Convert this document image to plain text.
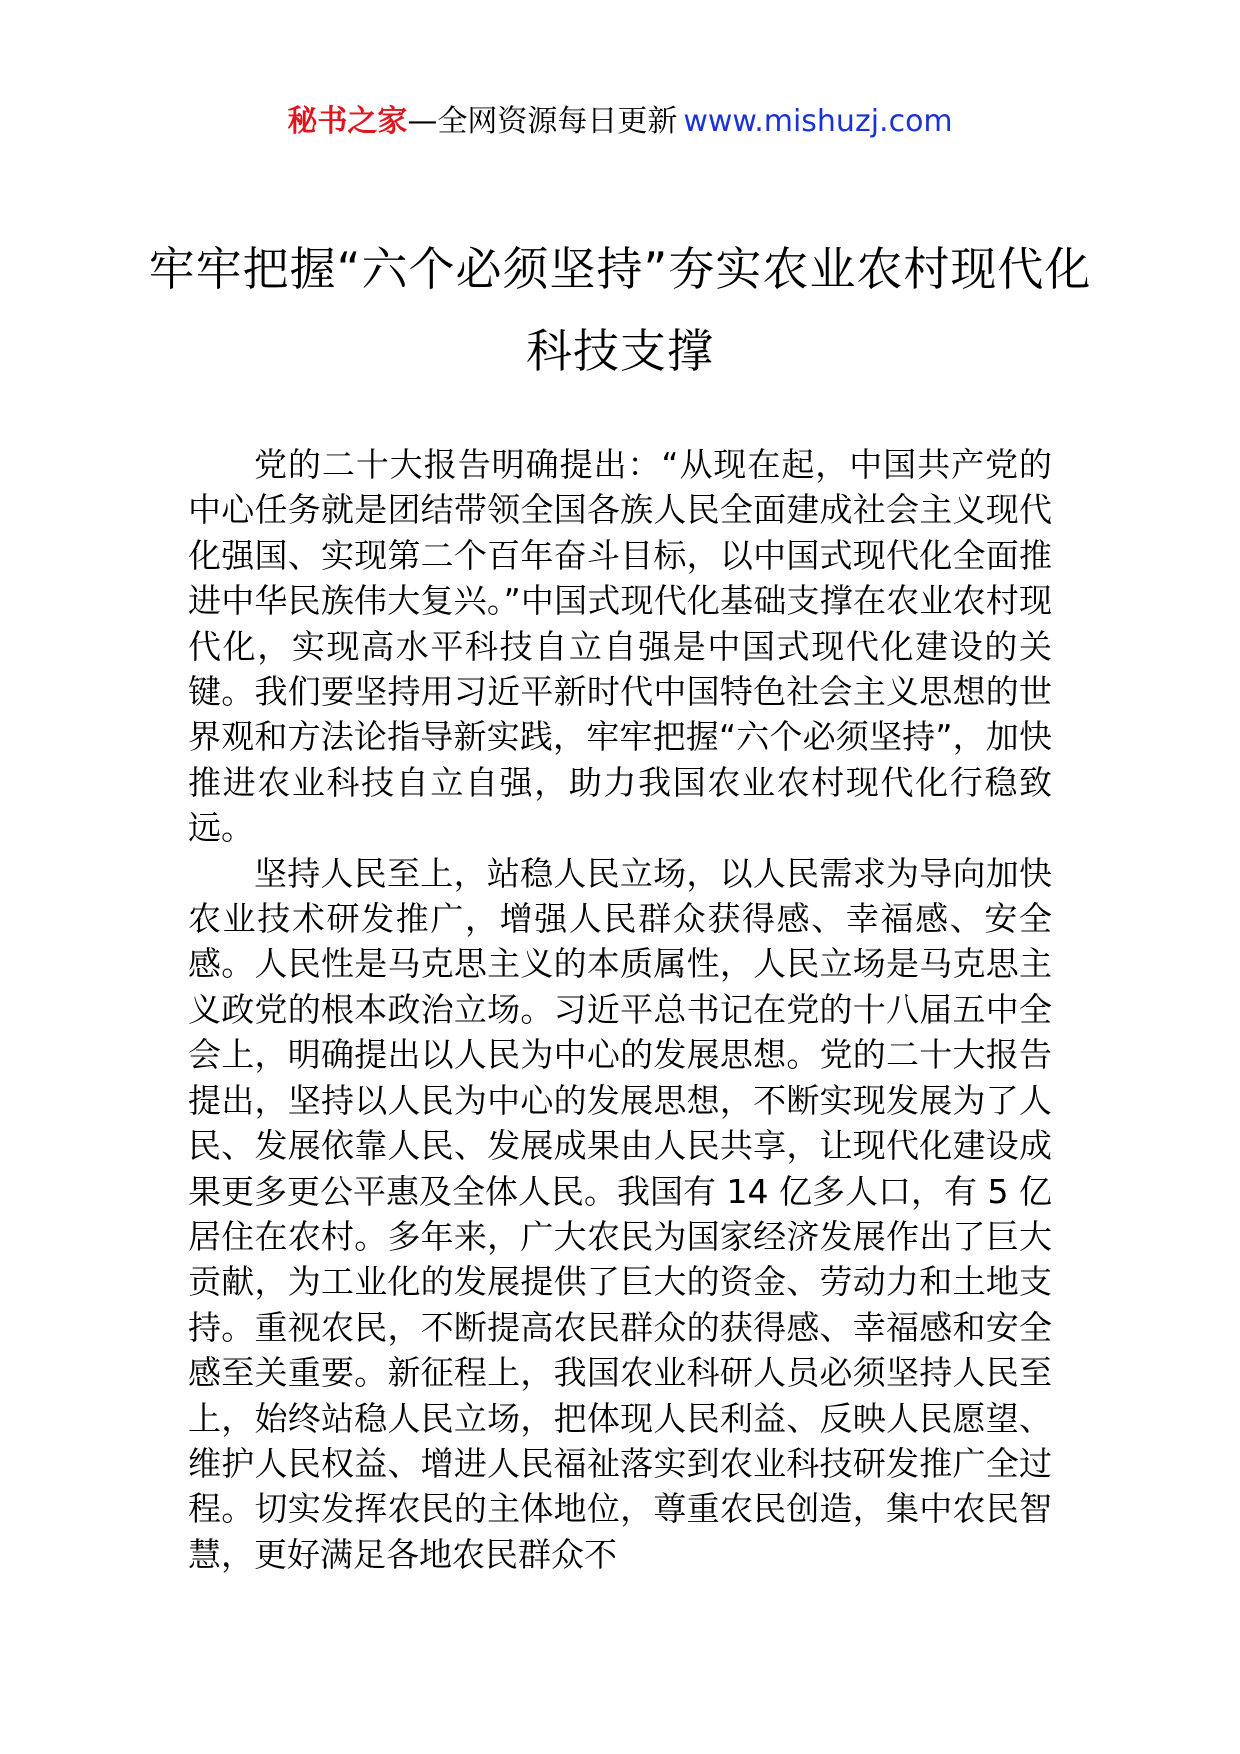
秘书之家—全网资源每日更新 www.mishuzj.com
牢牢把握“六个必须坚持”夯实农业农村现代化科技支撑

党的二十大报告明确提出：“从现在起，中国共产党的中心任务就是团结带领全国各族人民全面建成社会主义现代化强国、实现第二个百年奋斗目标，以中国式现代化全面推进中华民族伟大复兴。”中国式现代化基础支撑在农业农村现代化，实现高水平科技自立自强是中国式现代化建设的关键。我们要坚持用习近平新时代中国特色社会主义思想的世界观和方法论指导新实践，牢牢把握“六个必须坚持”，加快推进农业科技自立自强，助力我国农业农村现代化行稳致远。

坚持人民至上，站稳人民立场，以人民需求为导向加快农业技术研发推广，增强人民群众获得感、幸福感、安全感。人民性是马克思主义的本质属性，人民立场是马克思主义政党的根本政治立场。习近平总书记在党的十八届五中全会上，明确提出以人民为中心的发展思想。党的二十大报告提出，坚持以人民为中心的发展思想，不断实现发展为了人民、发展依靠人民、发展成果由人民共享，让现代化建设成果更多更公平惠及全体人民。我国有 14 亿多人口，有 5 亿居住在农村。多年来，广大农民为国家经济发展作出了巨大贡献，为工业化的发展提供了巨大的资金、劳动力和土地支持。重视农民，不断提高农民群众的获得感、幸福感和安全感至关重要。新征程上，我国农业科研人员必须坚持人民至上，始终站稳人民立场，把体现人民利益、反映人民愿望、维护人民权益、增进人民福祉落实到农业科技研发推广全过程。切实发挥农民的主体地位，尊重农民创造，集中农民智慧，更好满足各地农民群众不
